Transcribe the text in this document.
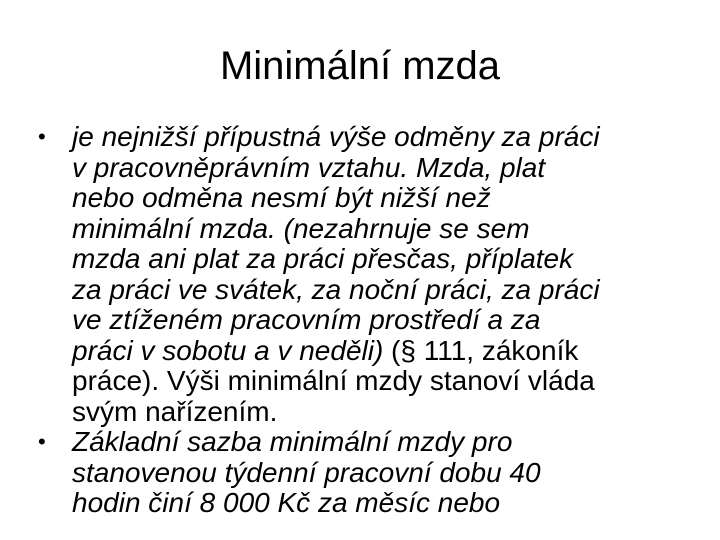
Minimální mzda
• je nejnižší přípustná výše odměny za práci
v pracovněprávním vztahu. Mzda, plat
nebo odměna nesmí být nižší než
minimální mzda. (nezahrnuje se sem
mzda ani plat za práci přesčas, příplatek
za práci ve svátek, za noční práci, za práci
ve ztíženém pracovním prostředí a za
práci v sobotu a v neděli) (§ 111, zákoník
práce). Výši minimální mzdy stanoví vláda
svým nařízením.
• Základní sazba minimální mzdy pro
stanovenou týdenní pracovní dobu 40
hodin činí 8 000 Kč za měsíc nebo
